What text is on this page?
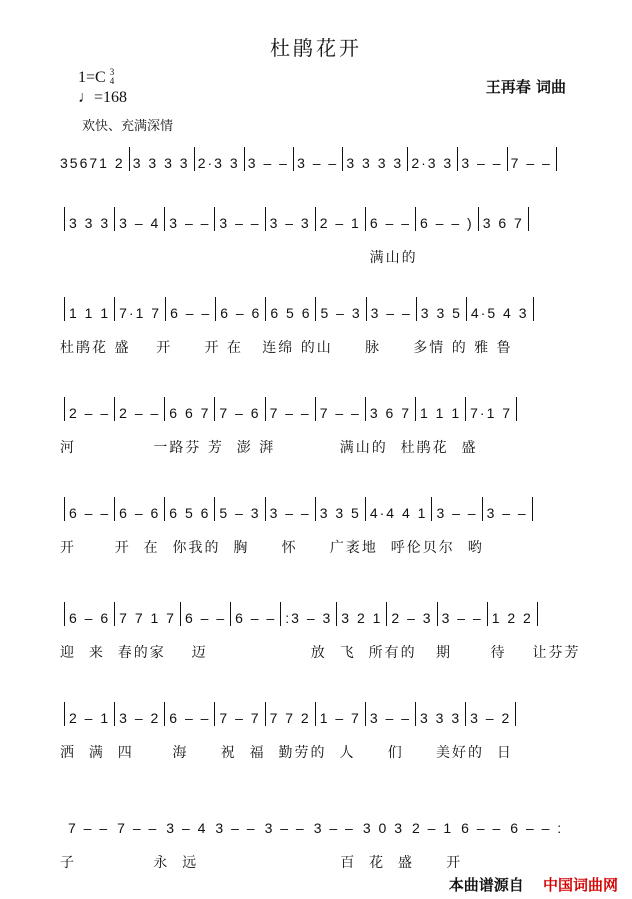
杜鹃花开
1=C 3
4
♩=168
王再春 词曲
欢快、充满深情
35671 2 3 3 3 3 2·3 3 3 – – 3 – – 3 3 3 3 2·3 3 3 – – 7 – –
3 3 3 3 – 4 3 – – 3 – – 3 – 3 2 – 1 6 – – 6 – – ) 3 6 7
满山的
1 1 1 7·1 7 6 – – 6 – 6 6 5 6 5 – 3 3 – – 3 3 5 4·5 4 3
杜鹃花 盛    开     开 在   连绵 的山     脉     多情 的 雅 鲁
2 – – 2 – – 6 6 7 7 – 6 7 – – 7 – – 3 6 7 1 1 1 7·1 7
河            一路芬 芳  澎 湃          满山的  杜鹃花  盛
6 – – 6 – 6 6 5 6 5 – 3 3 – – 3 3 5 4·4 4 1 3 – – 3 – –
开      开  在  你我的  胸     怀     广袤地  呼伦贝尔  哟
6 – 6 7 7 1 7 6 – – 6 – – :3 – 3 3 2 1 2 – 3 3 – – 1 2 2
迎  来  春的家    迈                放  飞  所有的   期      待    让芬芳
2 – 1 3 – 2 6 – – 7 – 7 7 7 2 1 – 7 3 – – 3 3 3 3 – 2
洒  满  四      海     祝  福  勤劳的  人     们     美好的  日
7 – – 7 – – 3 – 4 3 – – 3 – – 3 – – 3 0 3 2 – 1 6 – – 6 – – :
子            永  远                      百  花  盛     开
本曲谱源自 中国词曲网
